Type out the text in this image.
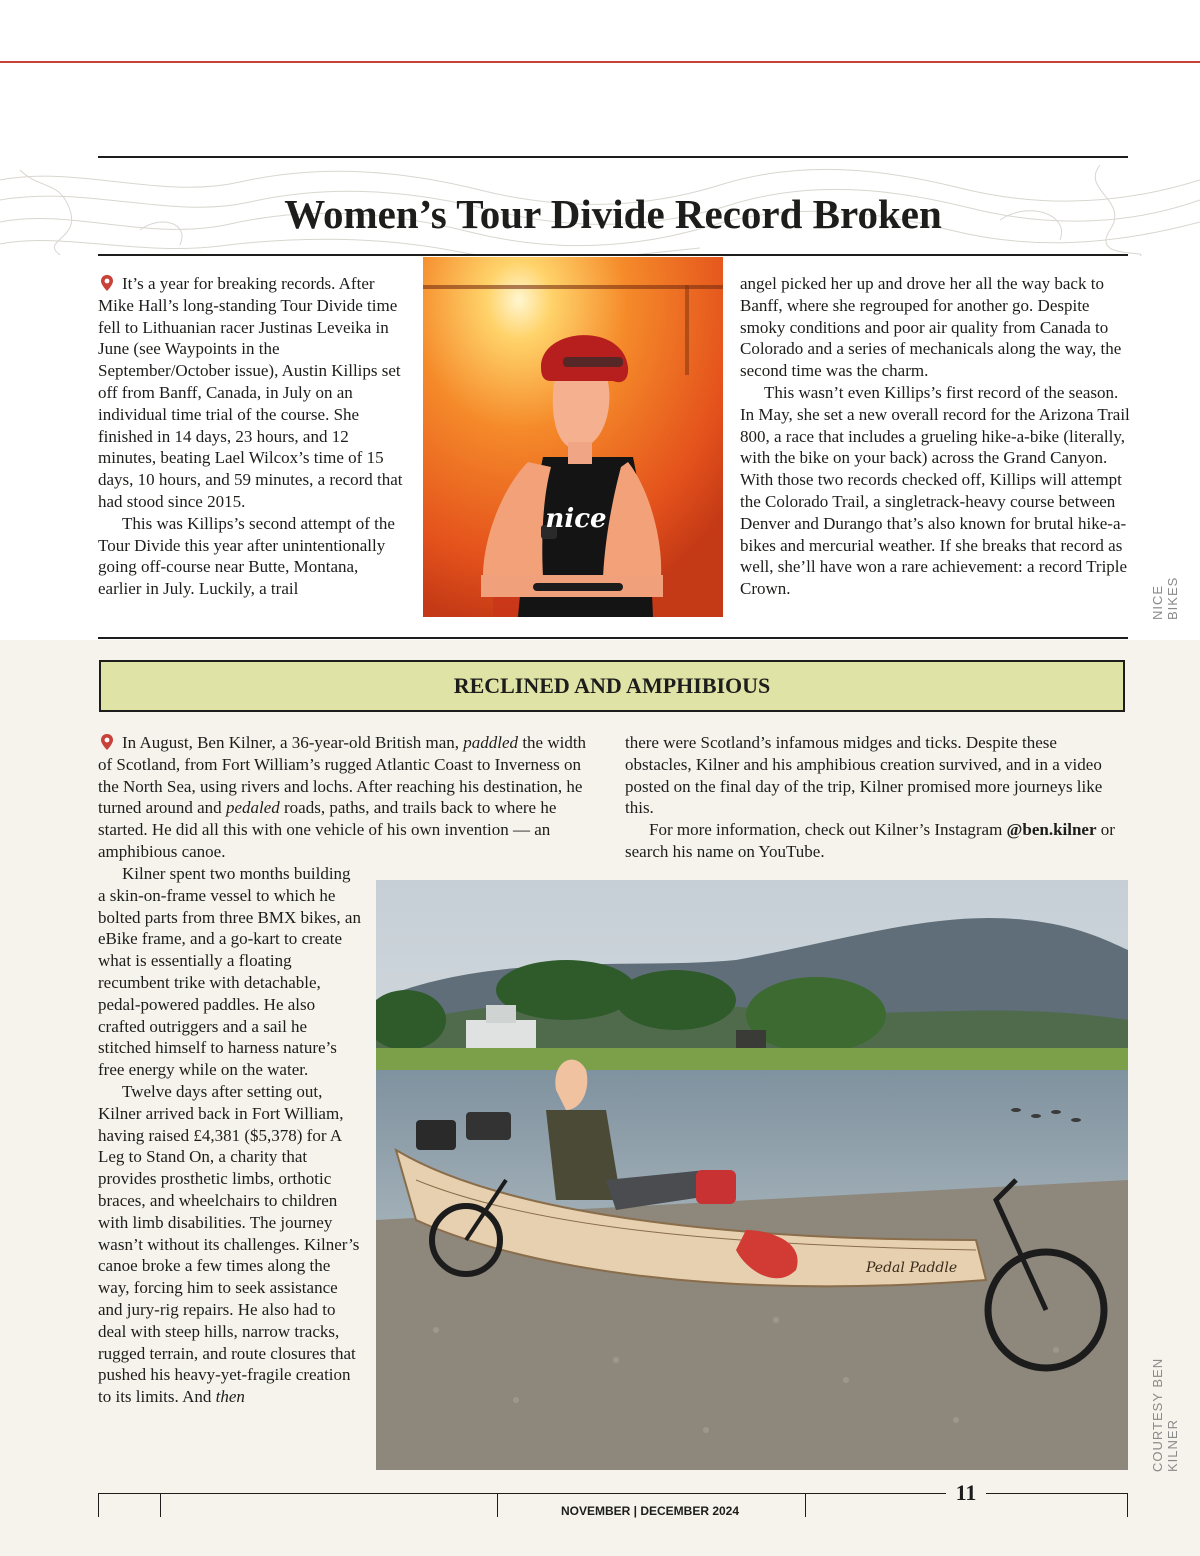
Women’s Tour Divide Record Broken

It’s a year for breaking records. After Mike Hall’s long-standing Tour Divide time fell to Lithuanian racer Justinas Leveika in June (see Waypoints in the September/October issue), Austin Killips set off from Banff, Canada, in July on an individual time trial of the course. She finished in 14 days, 23 hours, and 12 minutes, beating Lael Wilcox’s time of 15 days, 10 hours, and 59 minutes, a record that had stood since 2015.

This was Killips’s second attempt of the Tour Divide this year after unintentionally going off-course near Butte, Montana, earlier in July. Luckily, a trail

nice

angel picked her up and drove her all the way back to Banff, where she regrouped for another go. Despite smoky conditions and poor air quality from Canada to Colorado and a series of mechanicals along the way, the second time was the charm.

This wasn’t even Killips’s first record of the season. In May, she set a new overall record for the Arizona Trail 800, a race that includes a grueling hike-a-bike (literally, with the bike on your back) across the Grand Canyon. With those two records checked off, Killips will attempt the Colorado Trail, a singletrack-heavy course between Denver and Durango that’s also known for brutal hike-a-bikes and mercurial weather. If she breaks that record as well, she’ll have won a rare achievement: a record Triple Crown.	NICE BIKES
RECLINED AND AMPHIBIOUS

In August, Ben Kilner, a 36-year-old British man, paddled the width of Scotland, from Fort William’s rugged Atlantic Coast to Inverness on the North Sea, using rivers and lochs. After reaching his destination, he turned around and pedaled roads, paths, and trails back to where he started. He did all this with one vehicle of his own invention — an amphibious canoe.

Kilner spent two months building a skin-on-frame vessel to which he bolted parts from three BMX bikes, an eBike frame, and a go-kart to create what is essentially a floating recumbent trike with detachable, pedal-powered paddles. He also crafted outriggers and a sail he stitched himself to harness nature’s free energy while on the water.

Twelve days after setting out, Kilner arrived back in Fort William, having raised £4,381 ($5,378) for A Leg to Stand On, a charity that provides prosthetic limbs, orthotic braces, and wheelchairs to children with limb disabilities. The journey wasn’t without its challenges. Kilner’s canoe broke a few times along the way, forcing him to seek assistance and jury-rig repairs. He also had to deal with steep hills, narrow tracks, rugged terrain, and route closures that pushed his heavy-yet-fragile creation to its limits. And then

there were Scotland’s infamous midges and ticks. Despite these obstacles, Kilner and his amphibious creation survived, and in a video posted on the final day of the trip, Kilner promised more journeys like this.

For more information, check out Kilner’s Instagram @ben.kilner or search his name on YouTube.

Pedal Paddle
COURTESY BEN KILNER
NOVEMBER | DECEMBER 2024
11
